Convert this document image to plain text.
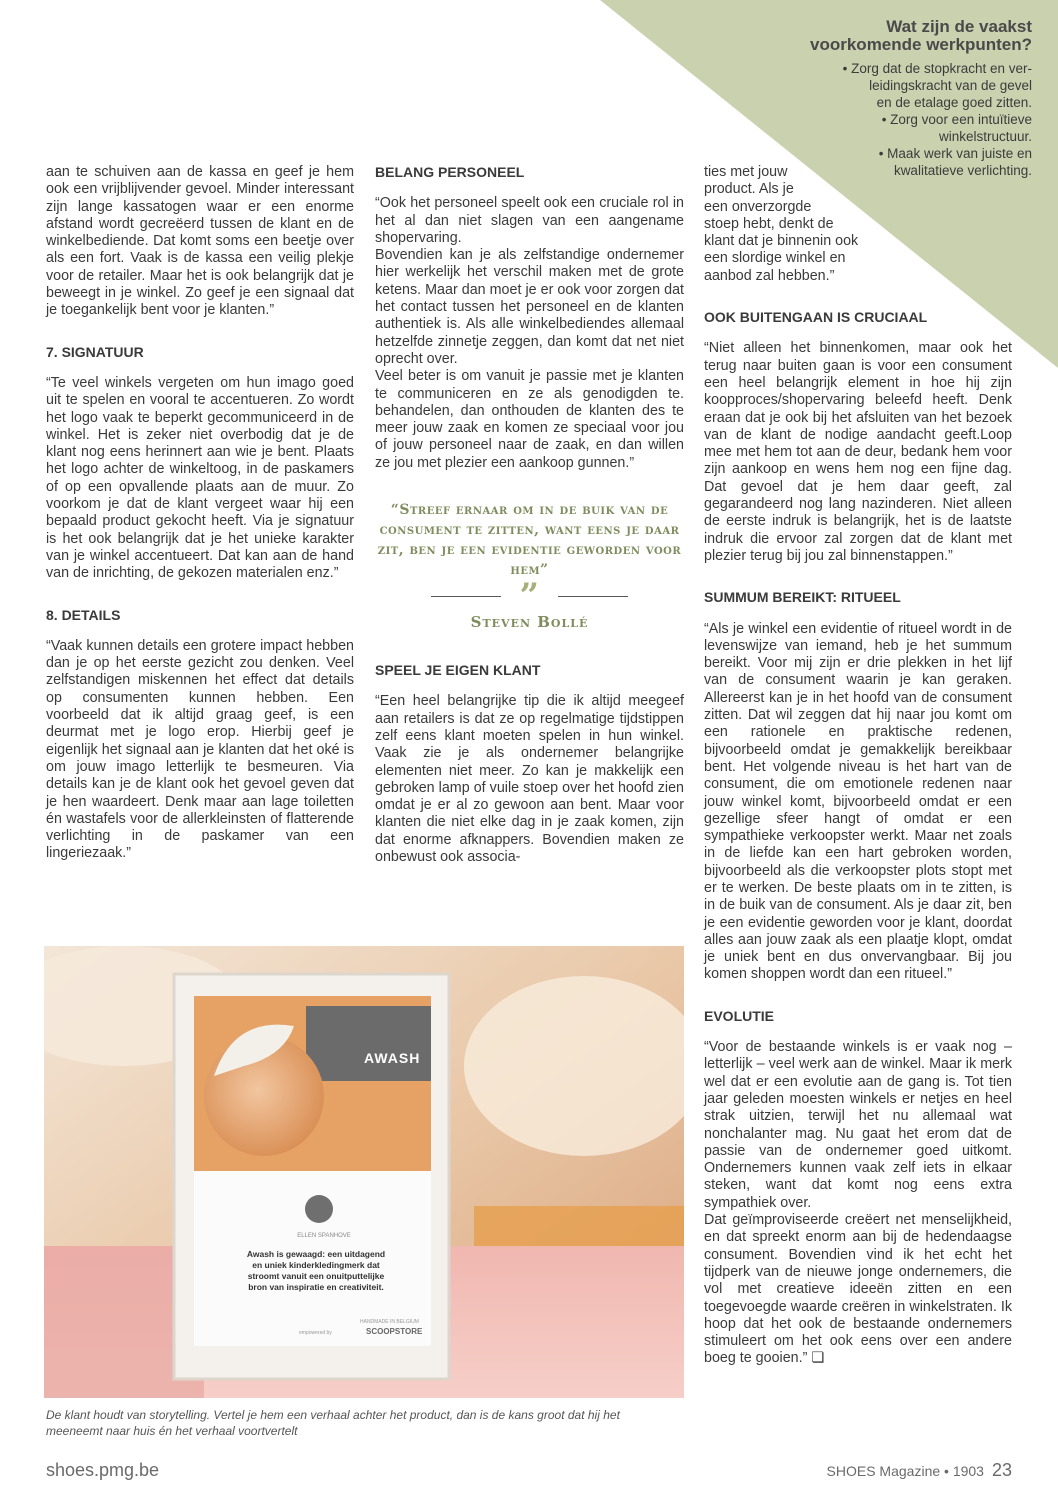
Wat zijn de vaakst voorkomende werkpunten?

• Zorg dat de stopkracht en ver-

leidingskracht van de gevel

en de etalage goed zitten.

• Zorg voor een intuïtieve

winkelstructuur.

• Maak werk van juiste en

kwalitatieve verlichting.

aan te schuiven aan de kassa en geef je hem ook een vrijblijvender gevoel. Minder interessant zijn lange kassatogen waar er een enorme afstand wordt gecreëerd tussen de klant en de winkelbediende. Dat komt soms een beetje over als een fort. Vaak is de kassa een veilig plekje voor de retailer. Maar het is ook belangrijk dat je beweegt in je winkel. Zo geef je een signaal dat je toegankelijk bent voor je klanten.”

7. SIGNATUUR

“Te veel winkels vergeten om hun imago goed uit te spelen en vooral te accentueren. Zo wordt het logo vaak te beperkt gecommuniceerd in de winkel. Het is zeker niet overbodig dat je de klant nog eens herinnert aan wie je bent. Plaats het logo achter de winkeltoog, in de paskamers of op een opvallende plaats aan de muur. Zo voorkom je dat de klant vergeet waar hij een bepaald product gekocht heeft. Via je signatuur is het ook belangrijk dat je het unieke karakter van je winkel accentueert. Dat kan aan de hand van de inrichting, de gekozen materialen enz.”

8. DETAILS

“Vaak kunnen details een grotere impact hebben dan je op het eerste gezicht zou denken. Veel zelfstandigen miskennen het effect dat details op consumenten kunnen hebben. Een voorbeeld dat ik altijd graag geef, is een deurmat met je logo erop. Hierbij geef je eigenlijk het signaal aan je klanten dat het oké is om jouw imago letterlijk te besmeuren. Via details kan je de klant ook het gevoel geven dat je hen waardeert. Denk maar aan lage toiletten én wastafels voor de allerkleinsten of flatterende verlichting in de paskamer van een lingeriezaak.”

BELANG PERSONEEL

“Ook het personeel speelt ook een cruciale rol in het al dan niet slagen van een aangename shopervaring.

Bovendien kan je als zelfstandige ondernemer hier werkelijk het verschil maken met de grote ketens. Maar dan moet je er ook voor zorgen dat het contact tussen het personeel en de klanten authentiek is. Als alle winkelbediendes allemaal hetzelfde zinnetje zeggen, dan komt dat net niet oprecht over.

Veel beter is om vanuit je passie met je klanten te communiceren en ze als genodigden te. behandelen, dan onthouden de klanten des te meer jouw zaak en komen ze speciaal voor jou of jouw personeel naar de zaak, en dan willen ze jou met plezier een aankoop gunnen.”

“Streef ernaar om in de buik van de consument te zitten, want eens je daar zit, ben je een evidentie geworden voor hem”
”
Steven Bollé
SPEEL JE EIGEN KLANT

“Een heel belangrijke tip die ik altijd meegeef aan retailers is dat ze op regelmatige tijdstippen zelf eens klant moeten spelen in hun winkel. Vaak zie je als ondernemer belangrijke elementen niet meer. Zo kan je makkelijk een gebroken lamp of vuile stoep over het hoofd zien omdat je er al zo gewoon aan bent. Maar voor klanten die niet elke dag in je zaak komen, zijn dat enorme afknappers. Bovendien maken ze onbewust ook associa-

ties met jouw
product. Als je
een onverzorgde
stoep hebt, denkt de
klant dat je binnenin ook
een slordige winkel en
aanbod zal hebben.”
OOK BUITENGAAN IS CRUCIAAL

“Niet alleen het binnenkomen, maar ook het terug naar buiten gaan is voor een consument een heel belangrijk element in hoe hij zijn koopproces/shopervaring beleefd heeft. Denk eraan dat je ook bij het afsluiten van het bezoek van de klant de nodige aandacht geeft.Loop mee met hem tot aan de deur, bedank hem voor zijn aankoop en wens hem nog een fijne dag. Dat gevoel dat je hem daar geeft, zal gegarandeerd nog lang nazinderen. Niet alleen de eerste indruk is belangrijk, het is de laatste indruk die ervoor zal zorgen dat de klant met plezier terug bij jou zal binnenstappen.”

SUMMUM BEREIKT: RITUEEL

“Als je winkel een evidentie of ritueel wordt in de levenswijze van iemand, heb je het summum bereikt. Voor mij zijn er drie plekken in het lijf van de consument waarin je kan geraken. Allereerst kan je in het hoofd van de consument zitten. Dat wil zeggen dat hij naar jou komt om een rationele en praktische redenen, bijvoorbeeld omdat je gemakkelijk bereikbaar bent. Het volgende niveau is het hart van de consument, die om emotionele redenen naar jouw winkel komt, bijvoorbeeld omdat er een gezellige sfeer hangt of omdat er een sympathieke verkoopster werkt. Maar net zoals in de liefde kan een hart gebroken worden, bijvoorbeeld als die verkoopster plots stopt met er te werken. De beste plaats om in te zitten, is in de buik van de consument. Als je daar zit, ben je een evidentie geworden voor je klant, doordat alles aan jouw zaak als een plaatje klopt, omdat je uniek bent en dus onvervangbaar. Bij jou komen shoppen wordt dan een ritueel.”

EVOLUTIE

“Voor de bestaande winkels is er vaak nog – letterlijk – veel werk aan de winkel. Maar ik merk wel dat er een evolutie aan de gang is. Tot tien jaar geleden moesten winkels er netjes en heel strak uitzien, terwijl het nu allemaal wat nonchalanter mag. Nu gaat het erom dat de passie van de ondernemer goed uitkomt. Ondernemers kunnen vaak zelf iets in elkaar steken, want dat komt nog eens extra sympathiek over.

Dat geïmproviseerde creëert net menselijkheid, en dat spreekt enorm aan bij de hedendaagse consument. Bovendien vind ik het echt het tijdperk van de nieuwe jonge ondernemers, die vol met creatieve ideeën zitten en een toegevoegde waarde creëren in winkelstraten. Ik hoop dat het ook de bestaande ondernemers stimuleert om het ook eens over een andere boeg te gooien.” ❏

AWASH
ELLEN SPANHOVE
Awash is gewaagd: een uitdagend
en uniek kinderkledingmerk dat
stroomt vanuit een onuitputtelijke
bron van inspiratie en creativiteit.
HANDMADE IN BELGIUM
empowered by	SCOOPSTORE
De klant houdt van storytelling. Vertel je hem een verhaal achter het product, dan is de kans groot dat hij het meeneemt naar huis én het verhaal voortvertelt
shoes.pmg.be	SHOES Magazine • 1903 23
